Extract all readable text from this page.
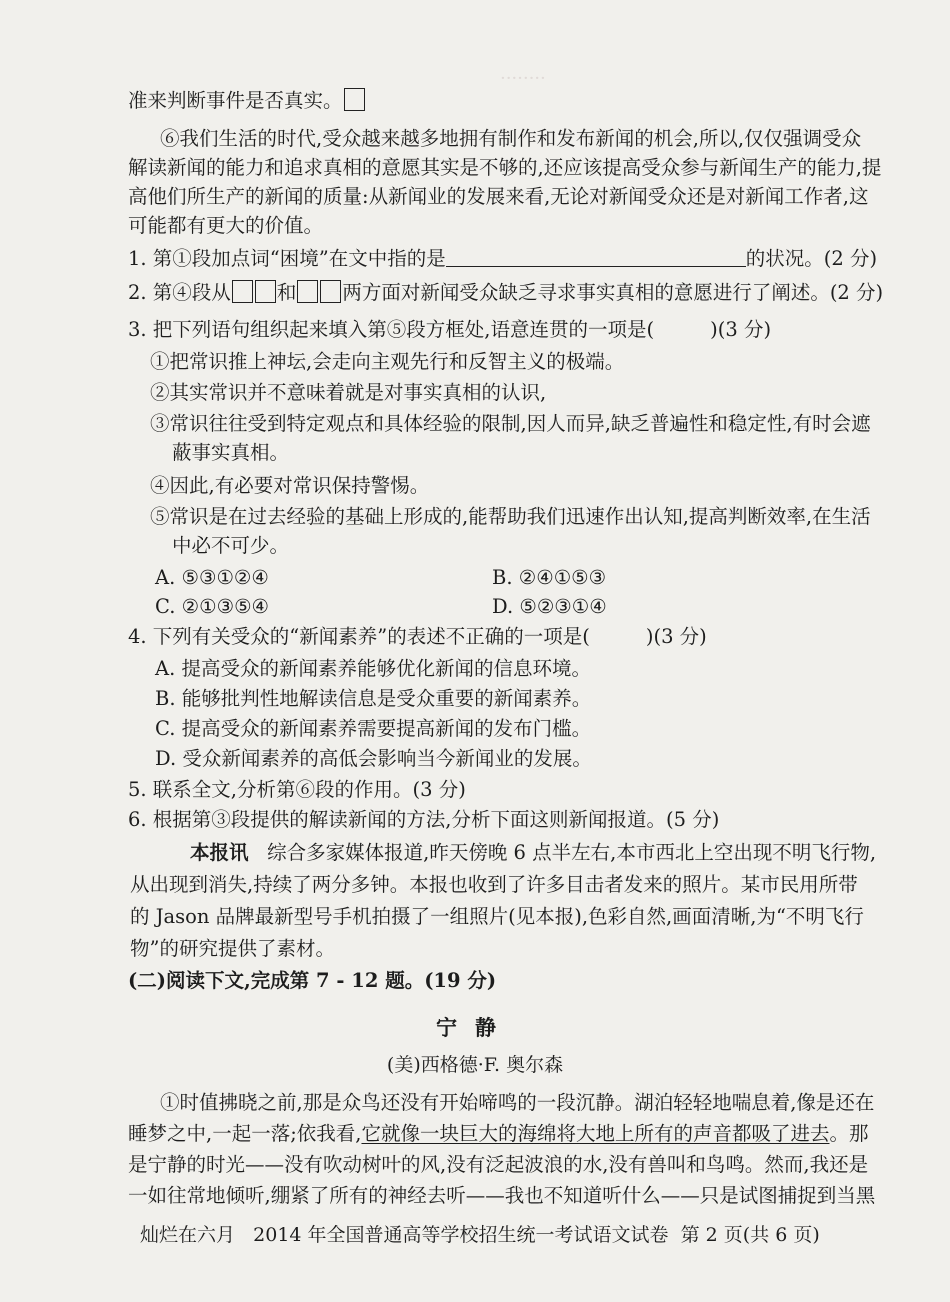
········
准来判断事件是否真实。
⑥我们生活的时代,受众越来越多地拥有制作和发布新闻的机会,所以,仅仅强调受众
解读新闻的能力和追求真相的意愿其实是不够的,还应该提高受众参与新闻生产的能力,提
高他们所生产的新闻的质量:从新闻业的发展来看,无论对新闻受众还是对新闻工作者,这
可能都有更大的价值。
1. 第①段加点词“困境”在文中指的是	的状况。(2 分)
2. 第④段从 和 两方面对新闻受众缺乏寻求事实真相的意愿进行了阐述。(2 分)
3. 把下列语句组织起来填入第⑤段方框处,语意连贯的一项是(	)(3 分)
①把常识推上神坛,会走向主观先行和反智主义的极端。
②其实常识并不意味着就是对事实真相的认识,
③常识往往受到特定观点和具体经验的限制,因人而异,缺乏普遍性和稳定性,有时会遮
蔽事实真相。
④因此,有必要对常识保持警惕。
⑤常识是在过去经验的基础上形成的,能帮助我们迅速作出认知,提高判断效率,在生活
中必不可少。
A. ⑤③①②④	B. ②④①⑤③
C. ②①③⑤④	D. ⑤②③①④
4. 下列有关受众的“新闻素养”的表述不正确的一项是(	)(3 分)
A. 提高受众的新闻素养能够优化新闻的信息环境。
B. 能够批判性地解读信息是受众重要的新闻素养。
C. 提高受众的新闻素养需要提高新闻的发布门槛。
D. 受众新闻素养的高低会影响当今新闻业的发展。
5. 联系全文,分析第⑥段的作用。(3 分)
6. 根据第③段提供的解读新闻的方法,分析下面这则新闻报道。(5 分)
本报讯 综合多家媒体报道,昨天傍晚 6 点半左右,本市西北上空出现不明飞行物,
从出现到消失,持续了两分多钟。本报也收到了许多目击者发来的照片。某市民用所带
的 Jason 品牌最新型号手机拍摄了一组照片(见本报),色彩自然,画面清晰,为“不明飞行
物”的研究提供了素材。
(二)阅读下文,完成第 7 - 12 题。(19 分)
宁静
(美)西格德·F. 奥尔森
①时值拂晓之前,那是众鸟还没有开始啼鸣的一段沉静。湖泊轻轻地喘息着,像是还在
睡梦之中,一起一落;依我看,它就像一块巨大的海绵将大地上所有的声音都吸了进去。那
是宁静的时光——没有吹动树叶的风,没有泛起波浪的水,没有兽叫和鸟鸣。然而,我还是
一如往常地倾听,绷紧了所有的神经去听——我也不知道听什么——只是试图捕捉到当黑
灿烂在六月 2014 年全国普通高等学校招生统一考试语文试卷 第 2 页(共 6 页)
